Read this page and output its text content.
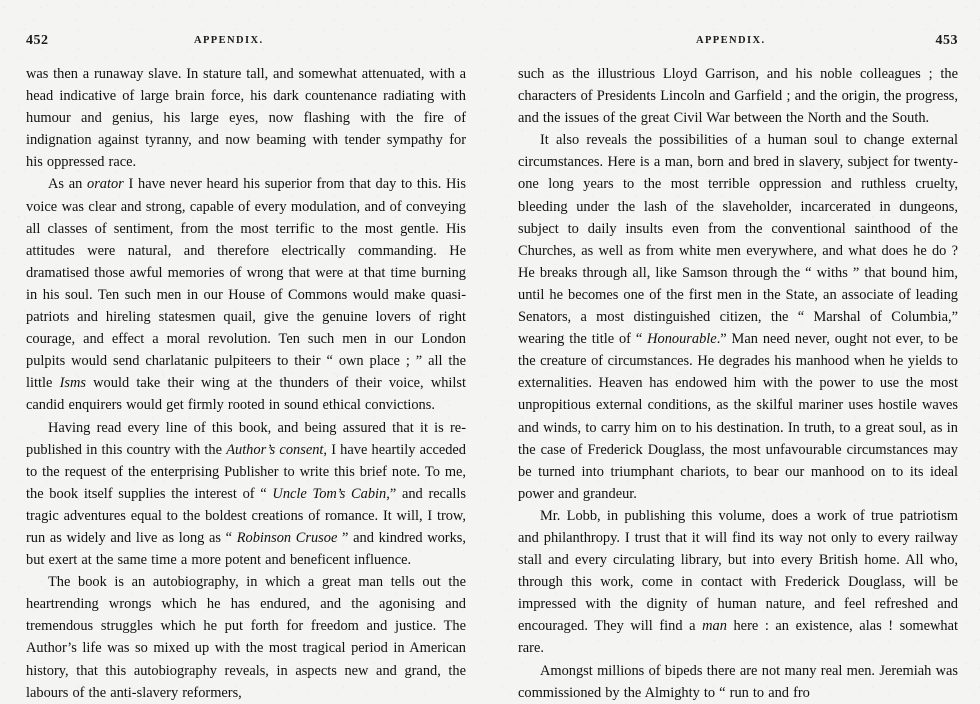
452	APPENDIX.

was then a runaway slave. In stature tall, and somewhat attenuated, with a head indicative of large brain force, his dark countenance radiating with humour and genius, his large eyes, now flashing with the fire of indignation against tyranny, and now beaming with tender sympathy for his oppressed race.

As an orator I have never heard his superior from that day to this. His voice was clear and strong, capable of every modulation, and of conveying all classes of sentiment, from the most terrific to the most gentle. His attitudes were natural, and therefore electrically commanding. He dramatised those awful memories of wrong that were at that time burning in his soul. Ten such men in our House of Commons would make quasi-patriots and hireling statesmen quail, give the genuine lovers of right courage, and effect a moral revolution. Ten such men in our London pulpits would send charlatanic pulpiteers to their “ own place ; ” all the little Isms would take their wing at the thunders of their voice, whilst candid enquirers would get firmly rooted in sound ethical convictions.

Having read every line of this book, and being assured that it is re-published in this country with the Author’s consent, I have heartily acceded to the request of the enterprising Publisher to write this brief note. To me, the book itself supplies the interest of “ Uncle Tom’s Cabin,” and recalls tragic adventures equal to the boldest creations of romance. It will, I trow, run as widely and live as long as “ Robinson Crusoe ” and kindred works, but exert at the same time a more potent and beneficent influence.

The book is an autobiography, in which a great man tells out the heartrending wrongs which he has endured, and the agonising and tremendous struggles which he put forth for freedom and justice. The Author’s life was so mixed up with the most tragical period in American history, that this autobiography reveals, in aspects new and grand, the labours of the anti-slavery reformers,

APPENDIX.	453

such as the illustrious Lloyd Garrison, and his noble colleagues ; the characters of Presidents Lincoln and Garfield ; and the origin, the progress, and the issues of the great Civil War between the North and the South.

It also reveals the possibilities of a human soul to change external circumstances. Here is a man, born and bred in slavery, subject for twenty-one long years to the most terrible oppression and ruthless cruelty, bleeding under the lash of the slaveholder, incarcerated in dungeons, subject to daily insults even from the conventional sainthood of the Churches, as well as from white men everywhere, and what does he do ? He breaks through all, like Samson through the “ withs ” that bound him, until he becomes one of the first men in the State, an associate of leading Senators, a most distinguished citizen, the “ Marshal of Columbia,” wearing the title of “ Honourable.” Man need never, ought not ever, to be the creature of circumstances. He degrades his manhood when he yields to externalities. Heaven has endowed him with the power to use the most unpropitious external conditions, as the skilful mariner uses hostile waves and winds, to carry him on to his destination. In truth, to a great soul, as in the case of Frederick Douglass, the most unfavourable circumstances may be turned into triumphant chariots, to bear our manhood on to its ideal power and grandeur.

Mr. Lobb, in publishing this volume, does a work of true patriotism and philanthropy. I trust that it will find its way not only to every railway stall and every circulating library, but into every British home. All who, through this work, come in contact with Frederick Douglass, will be impressed with the dignity of human nature, and feel refreshed and encouraged. They will find a man here : an existence, alas ! somewhat rare.

Amongst millions of bipeds there are not many real men. Jeremiah was commissioned by the Almighty to “ run to and fro
